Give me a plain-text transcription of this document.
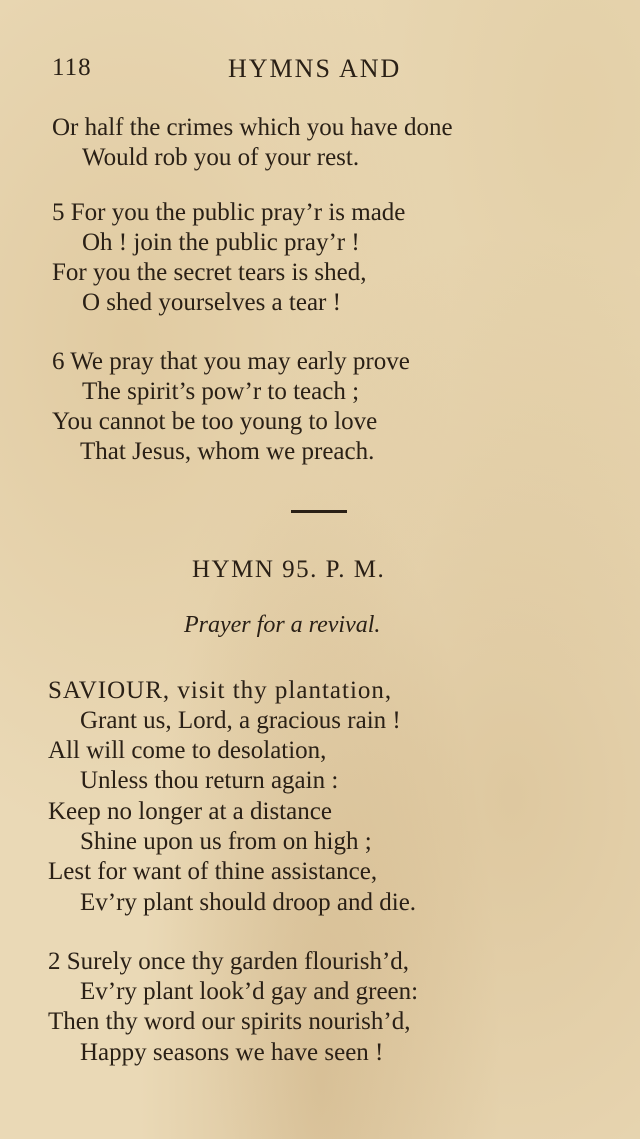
118	HYMNS AND
Or half the crimes which you have done
Would rob you of your rest.
5 For you the public pray’r is made
Oh ! join the public pray’r !
For you the secret tears is shed,
O shed yourselves a tear !
6 We pray that you may early prove
The spirit’s pow’r to teach ;
You cannot be too young to love
That Jesus, whom we preach.
HYMN 95. P. M.
Prayer for a revival.
SAVIOUR, visit thy plantation,
Grant us, Lord, a gracious rain !
All will come to desolation,
Unless thou return again :
Keep no longer at a distance
Shine upon us from on high ;
Lest for want of thine assistance,
Ev’ry plant should droop and die.
2 Surely once thy garden flourish’d,
Ev’ry plant look’d gay and green:
Then thy word our spirits nourish’d,
Happy seasons we have seen !
